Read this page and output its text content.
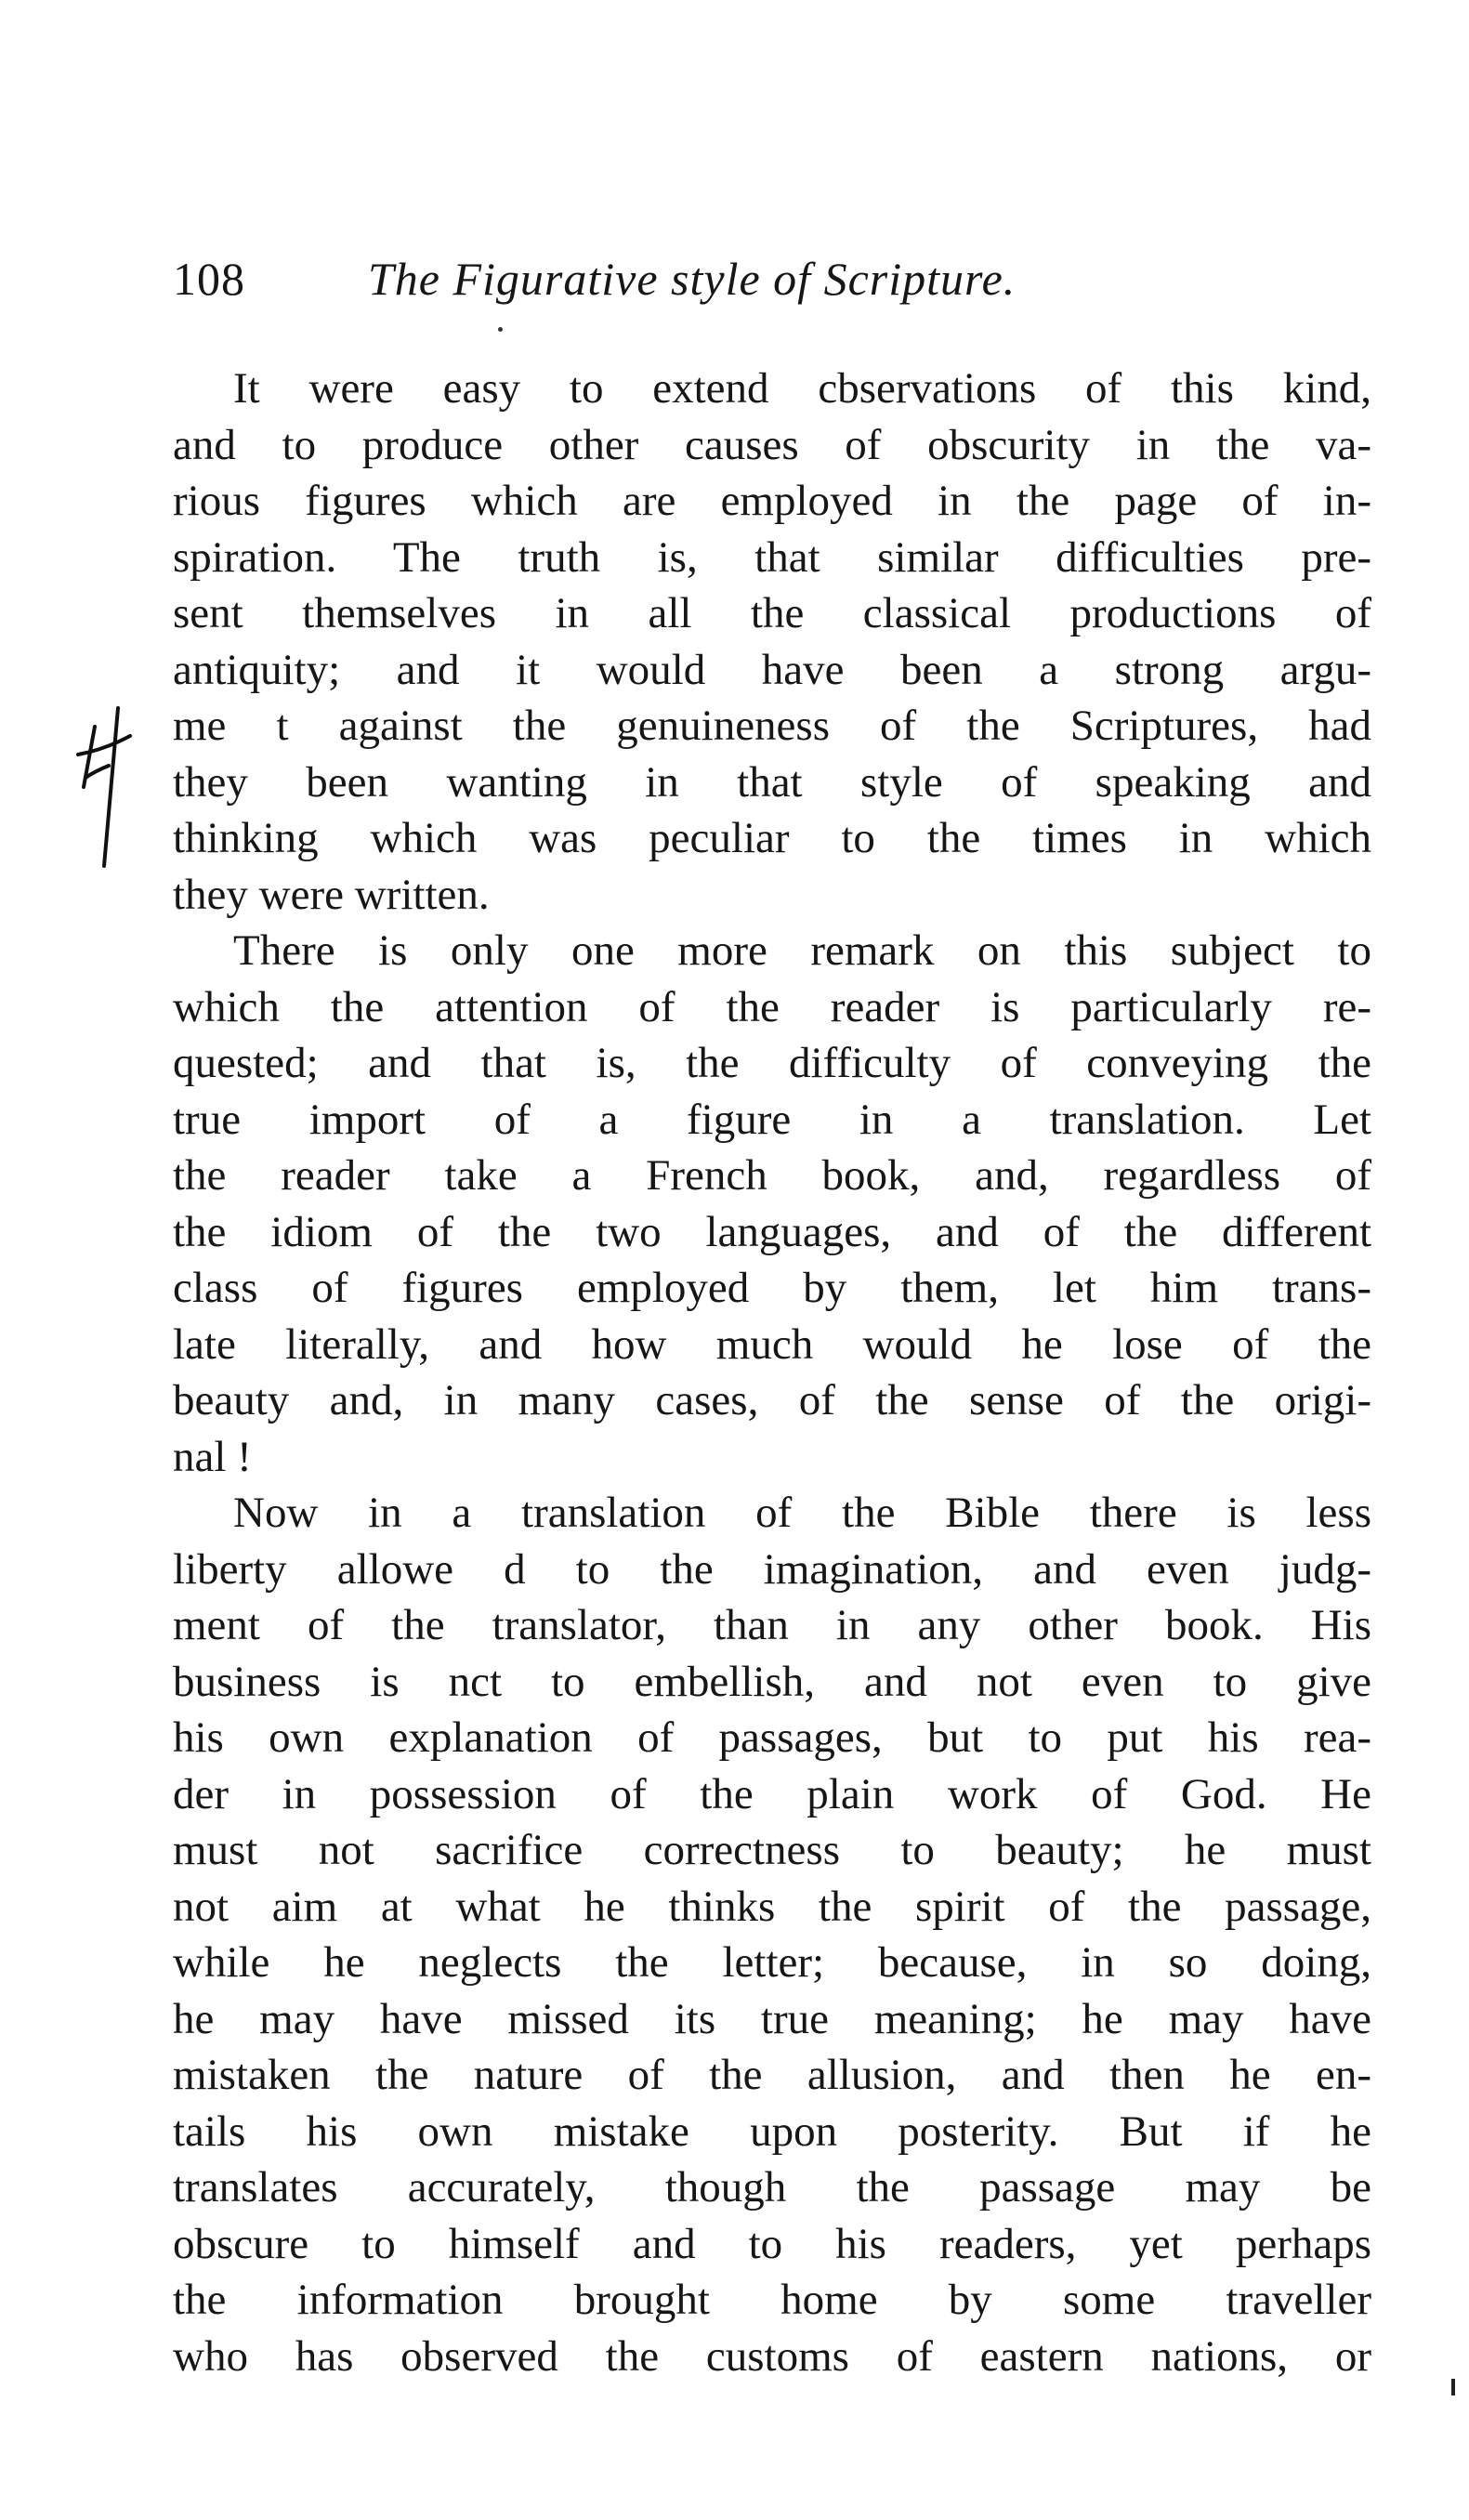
108	The Figurative style of Scripture.
It were easy to extend cbservations of this kind,
and to produce other causes of obscurity in the va-
rious figures which are employed in the page of in-
spiration. The truth is, that similar difficulties pre-
sent themselves in all the classical productions of
antiquity; and it would have been a strong argu-
me t against the genuineness of the Scriptures, had
they been wanting in that style of speaking and
thinking which was peculiar to the times in which
they were written.
There is only one more remark on this subject to
which the attention of the reader is particularly re-
quested; and that is, the difficulty of conveying the
true import of a figure in a translation. Let
the reader take a French book, and, regardless of
the idiom of the two languages, and of the different
class of figures employed by them, let him trans-
late literally, and how much would he lose of the
beauty and, in many cases, of the sense of the origi-
nal !
Now in a translation of the Bible there is less
liberty allowe d to the imagination, and even judg-
ment of the translator, than in any other book. His
business is nct to embellish, and not even to give
his own explanation of passages, but to put his rea-
der in possession of the plain work of God. He
must not sacrifice correctness to beauty; he must
not aim at what he thinks the spirit of the passage,
while he neglects the letter; because, in so doing,
he may have missed its true meaning; he may have
mistaken the nature of the allusion, and then he en-
tails his own mistake upon posterity. But if he
translates accurately, though the passage may be
obscure to himself and to his readers, yet perhaps
the information brought home by some traveller
who has observed the customs of eastern nations, or
